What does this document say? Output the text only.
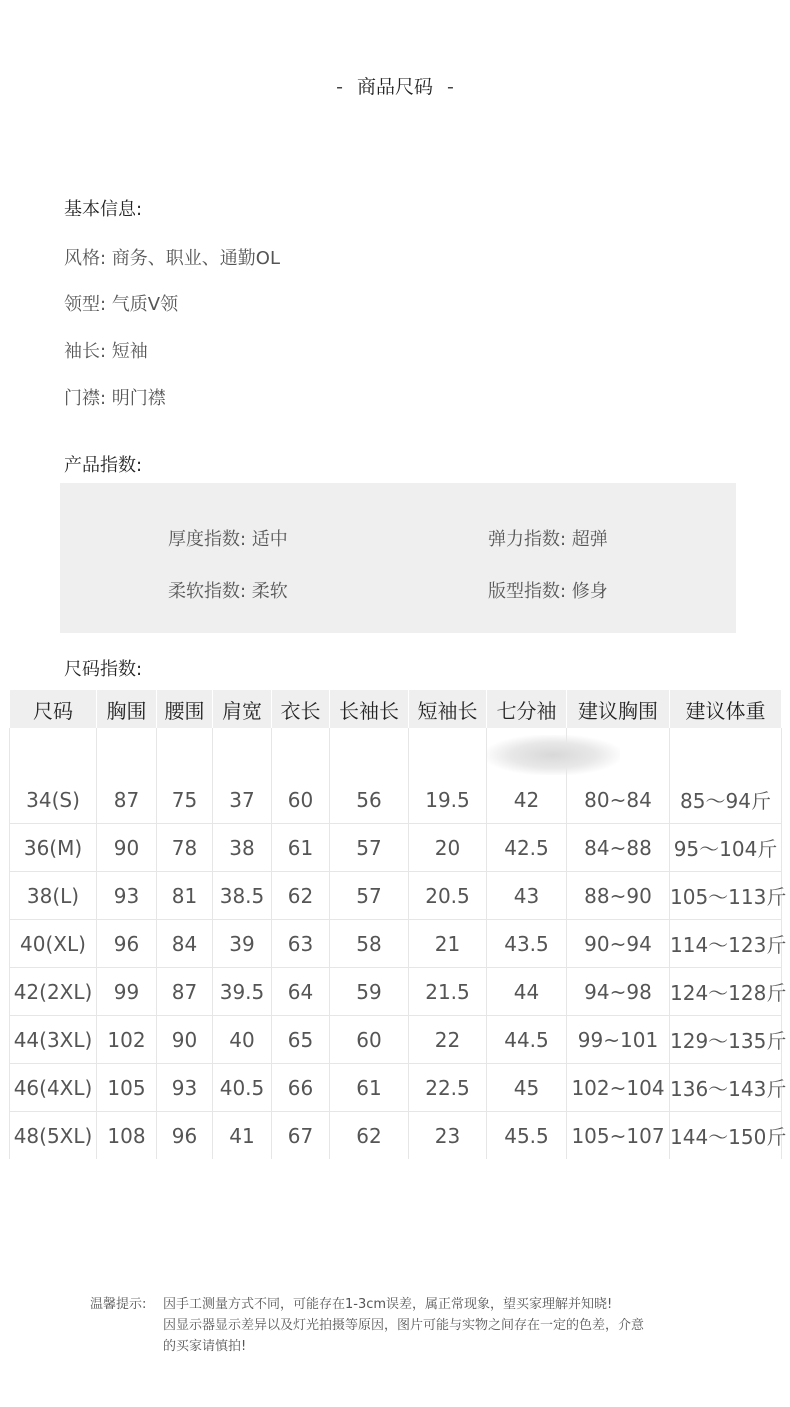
- 商品尺码 -
基本信息:
风格: 商务、职业、通勤OL
领型: 气质V领
袖长: 短袖
门襟: 明门襟
产品指数:
厚度指数: 适中	弹力指数: 超弹
柔软指数: 柔软	版型指数: 修身
尺码指数:
尺码	胸围	腰围	肩宽	衣长	长袖长	短袖长	七分袖	建议胸围	建议体重

34(S)	87	75	37	60	56	19.5	42	80~84	85～94斤
36(M)	90	78	38	61	57	20	42.5	84~88	95～104斤
38(L)	93	81	38.5	62	57	20.5	43	88~90	105～113斤
40(XL)	96	84	39	63	58	21	43.5	90~94	114～123斤
42(2XL)	99	87	39.5	64	59	21.5	44	94~98	124～128斤
44(3XL)	102	90	40	65	60	22	44.5	99~101	129～135斤
46(4XL)	105	93	40.5	66	61	22.5	45	102~104	136～143斤
48(5XL)	108	96	41	67	62	23	45.5	105~107	144～150斤
温馨提示: 因手工测量方式不同，可能存在1-3cm误差，属正常现象，望买家理解并知晓!
因显示器显示差异以及灯光拍摄等原因，图片可能与实物之间存在一定的色差，介意
的买家请慎拍!
